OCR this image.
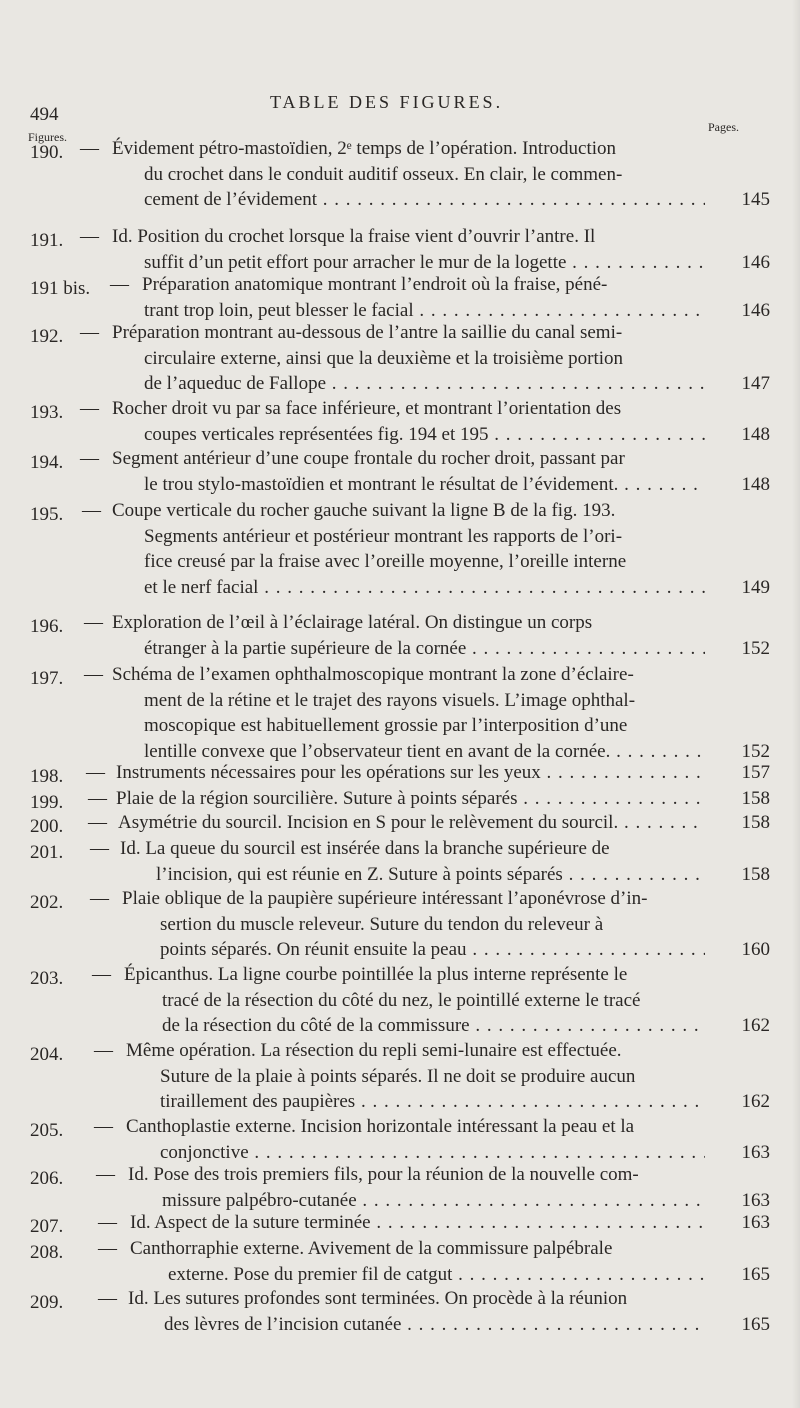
494
TABLE DES FIGURES.
Figures.
Pages.
190. — Évidement pétro-mastoïdien, 2ᵉ temps de l’opération. Introduction
du crochet dans le conduit auditif osseux. En clair, le commen-
cement de l’évidement . . .	145
191. — Id. Position du crochet lorsque la fraise vient d’ouvrir l’antre. Il
suffit d’un petit effort pour arracher le mur de la logette . . .	146
191 bis.	— Préparation anatomique montrant l’endroit où la fraise, péné-
trant trop loin, peut blesser le facial . . .	146
192. — Préparation montrant au-dessous de l’antre la saillie du canal semi-
circulaire externe, ainsi que la deuxième et la troisième portion
de l’aqueduc de Fallope . . .	147
193. — Rocher droit vu par sa face inférieure, et montrant l’orientation des
coupes verticales représentées fig. 194 et 195 . . .	148
194. — Segment antérieur d’une coupe frontale du rocher droit, passant par
le trou stylo-mastoïdien et montrant le résultat de l’évidement. . . .	148
195. — Coupe verticale du rocher gauche suivant la ligne B de la fig. 193.
Segments antérieur et postérieur montrant les rapports de l’ori-
fice creusé par la fraise avec l’oreille moyenne, l’oreille interne
et le nerf facial . . .	149
196.	— Exploration de l’œil à l’éclairage latéral. On distingue un corps
étranger à la partie supérieure de la cornée . . .	152
197.	— Schéma de l’examen ophthalmoscopique montrant la zone d’éclaire-
ment de la rétine et le trajet des rayons visuels. L’image ophthal-
moscopique est habituellement grossie par l’interposition d’une
lentille convexe que l’observateur tient en avant de la cornée. . . .	152
198.	— Instruments nécessaires pour les opérations sur les yeux . . .	157
199.	— Plaie de la région sourcilière. Suture à points séparés . . .	158
200.	— Asymétrie du sourcil. Incision en S pour le relèvement du sourcil. . . .	158
201.	— Id. La queue du sourcil est insérée dans la branche supérieure de
l’incision, qui est réunie en Z. Suture à points séparés . . .	158
202.	— Plaie oblique de la paupière supérieure intéressant l’aponévrose d’in-
sertion du muscle releveur. Suture du tendon du releveur à
points séparés. On réunit ensuite la peau . . .	160
203.	— Épicanthus. La ligne courbe pointillée la plus interne représente le
tracé de la résection du côté du nez, le pointillé externe le tracé
de la résection du côté de la commissure . . .	162
204.	— Même opération. La résection du repli semi-lunaire est effectuée.
Suture de la plaie à points séparés. Il ne doit se produire aucun
tiraillement des paupières . . .	162
205.	— Canthoplastie externe. Incision horizontale intéressant la peau et la
conjonctive . . .	163
206.	— Id. Pose des trois premiers fils, pour la réunion de la nouvelle com-
missure palpébro-cutanée . . .	163
207.	— Id. Aspect de la suture terminée . . .	163
208.	— Canthorraphie externe. Avivement de la commissure palpébrale
externe. Pose du premier fil de catgut . . .	165
209.	— Id. Les sutures profondes sont terminées. On procède à la réunion
des lèvres de l’incision cutanée . . .	165
